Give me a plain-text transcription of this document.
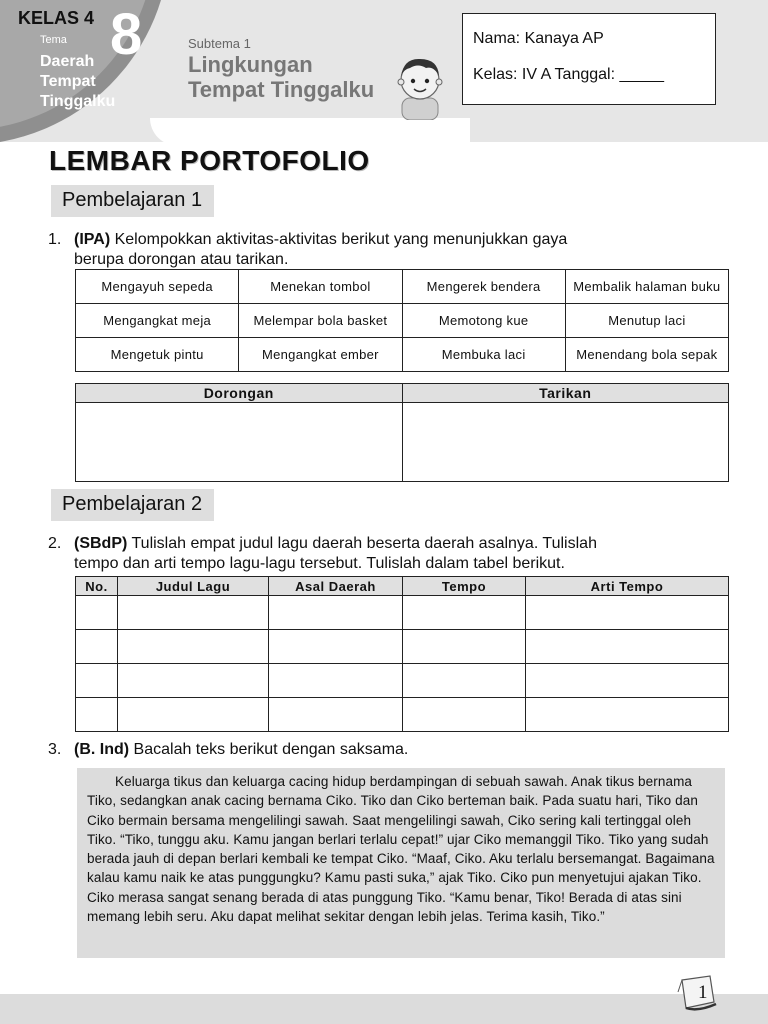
KELAS 4
Tema 8
Daerah
Tempat
Tinggalku
Subtema 1
Lingkungan
Tempat Tinggalku
Nama: Kanaya AP
Kelas: IV A Tanggal: _____
LEMBAR PORTOFOLIO
Pembelajaran 1
1. (IPA) Kelompokkan aktivitas-aktivitas berikut yang menunjukkan gaya
berupa dorongan atau tarikan.
Mengayuh sepeda	Menekan tombol	Mengerek bendera	Membalik halaman buku
Mengangkat meja	Melempar bola basket	Memotong kue	Menutup laci
Mengetuk pintu	Mengangkat ember	Membuka laci	Menendang bola sepak
Dorongan	Tarikan

Pembelajaran 2
2. (SBdP) Tulislah empat judul lagu daerah beserta daerah asalnya. Tulislah
tempo dan arti tempo lagu-lagu tersebut. Tulislah dalam tabel berikut.
No.	Judul Lagu	Asal Daerah	Tempo	Arti Tempo

3. (B. Ind) Bacalah teks berikut dengan saksama.

Keluarga tikus dan keluarga cacing hidup berdampingan di sebuah sawah. Anak tikus bernama Tiko, sedangkan anak cacing bernama Ciko. Tiko dan Ciko berteman baik. Pada suatu hari, Tiko dan Ciko bermain bersama mengelilingi sawah. Saat mengelilingi sawah, Ciko sering kali tertinggal oleh Tiko. “Tiko, tunggu aku. Kamu jangan berlari terlalu cepat!” ujar Ciko memanggil Tiko. Tiko yang sudah berada jauh di depan berlari kembali ke tempat Ciko. “Maaf, Ciko. Aku terlalu bersemangat. Bagaimana kalau kamu naik ke atas punggungku? Kamu pasti suka,” ajak Tiko. Ciko pun menyetujui ajakan Tiko. Ciko merasa sangat senang berada di atas punggung Tiko. “Kamu benar, Tiko! Berada di atas sini memang lebih seru. Aku dapat melihat sekitar dengan lebih jelas. Terima kasih, Tiko.”

1
